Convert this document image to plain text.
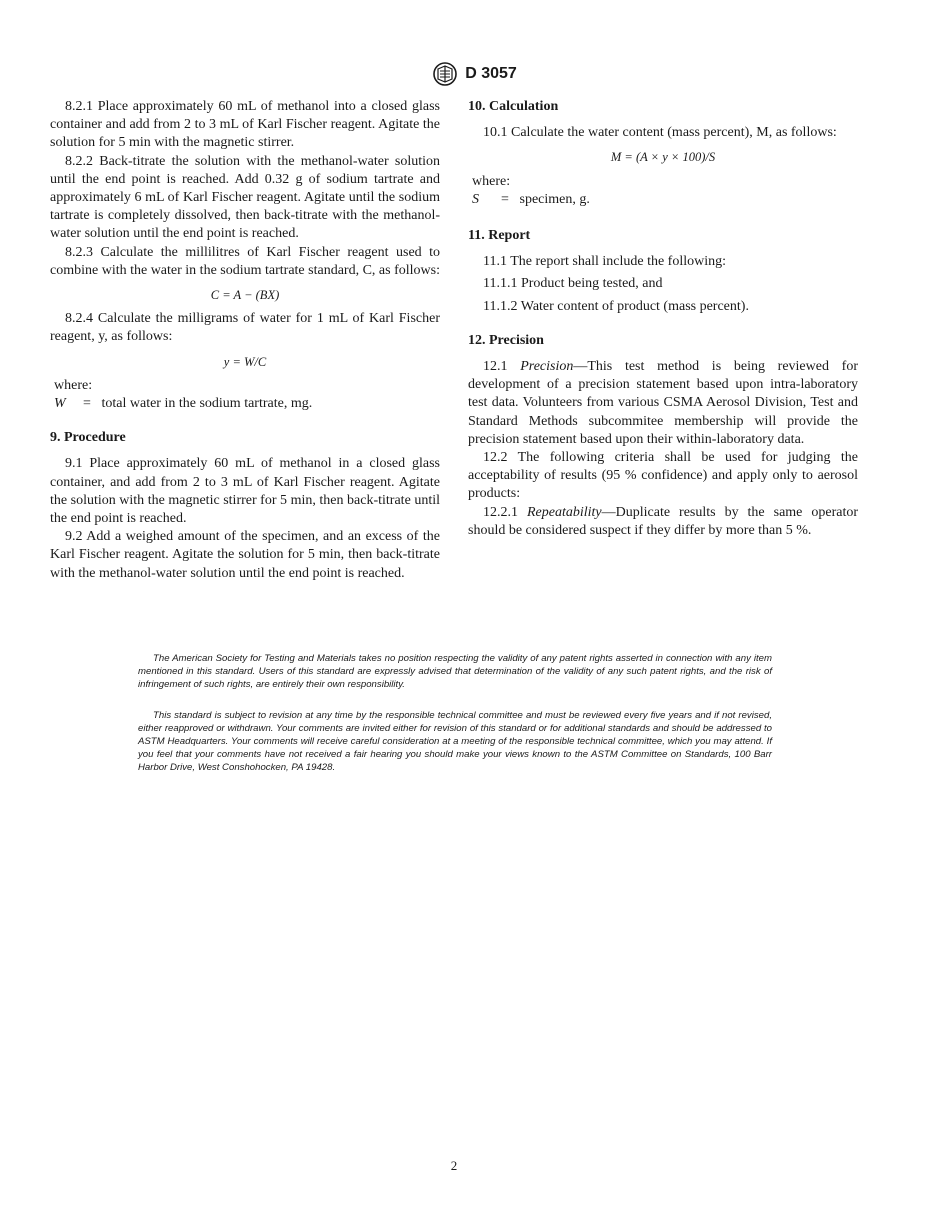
D 3057

8.2.1 Place approximately 60 mL of methanol into a closed glass container and add from 2 to 3 mL of Karl Fischer reagent. Agitate the solution for 5 min with the magnetic stirrer.

8.2.2 Back-titrate the solution with the methanol-water solution until the end point is reached. Add 0.32 g of sodium tartrate and approximately 6 mL of Karl Fischer reagent. Agitate until the sodium tartrate is completely dissolved, then back-titrate with the methanol-water solution until the end point is reached.

8.2.3 Calculate the millilitres of Karl Fischer reagent used to combine with the water in the sodium tartrate standard, C, as follows:

C = A − (BX)

8.2.4 Calculate the milligrams of water for 1 mL of Karl Fischer reagent, y, as follows:

y = W/C
where:
W = total water in the sodium tartrate, mg.
9. Procedure

9.1 Place approximately 60 mL of methanol in a closed glass container, and add from 2 to 3 mL of Karl Fischer reagent. Agitate the solution with the magnetic stirrer for 5 min, then back-titrate until the end point is reached.

9.2 Add a weighed amount of the specimen, and an excess of the Karl Fischer reagent. Agitate the solution for 5 min, then back-titrate with the methanol-water solution until the end point is reached.

10. Calculation

10.1 Calculate the water content (mass percent), M, as follows:

M = (A × y × 100)/S
where:
S = specimen, g.
11. Report
11.1 The report shall include the following:
11.1.1 Product being tested, and
11.1.2 Water content of product (mass percent).
12. Precision

12.1 Precision—This test method is being reviewed for development of a precision statement based upon intra-laboratory test data. Volunteers from various CSMA Aerosol Division, Test and Standard Methods subcommitee membership will provide the precision statement based upon their within-laboratory data.

12.2 The following criteria shall be used for judging the acceptability of results (95 % confidence) and apply only to aerosol products:

12.2.1 Repeatability—Duplicate results by the same operator should be considered suspect if they differ by more than 5 %.

The American Society for Testing and Materials takes no position respecting the validity of any patent rights asserted in connection with any item mentioned in this standard. Users of this standard are expressly advised that determination of the validity of any such patent rights, and the risk of infringement of such rights, are entirely their own responsibility.
This standard is subject to revision at any time by the responsible technical committee and must be reviewed every five years and if not revised, either reapproved or withdrawn. Your comments are invited either for revision of this standard or for additional standards and should be addressed to ASTM Headquarters. Your comments will receive careful consideration at a meeting of the responsible technical committee, which you may attend. If you feel that your comments have not received a fair hearing you should make your views known to the ASTM Committee on Standards, 100 Barr Harbor Drive, West Conshohocken, PA 19428.
2
